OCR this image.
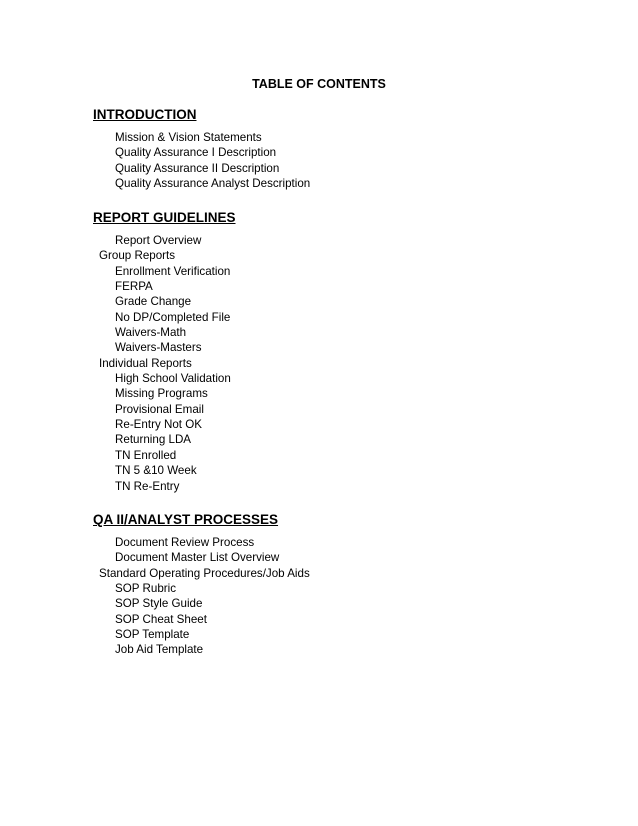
TABLE OF CONTENTS
INTRODUCTION
Mission & Vision Statements
Quality Assurance I Description
Quality Assurance II Description
Quality Assurance Analyst Description
REPORT GUIDELINES
Report Overview
Group Reports
Enrollment Verification
FERPA
Grade Change
No DP/Completed File
Waivers-Math
Waivers-Masters
Individual Reports
High School Validation
Missing Programs
Provisional Email
Re-Entry Not OK
Returning LDA
TN Enrolled
TN 5 &10 Week
TN Re-Entry
QA II/ANALYST PROCESSES
Document Review Process
Document Master List Overview
Standard Operating Procedures/Job Aids
SOP Rubric
SOP Style Guide
SOP Cheat Sheet
SOP Template
Job Aid Template
